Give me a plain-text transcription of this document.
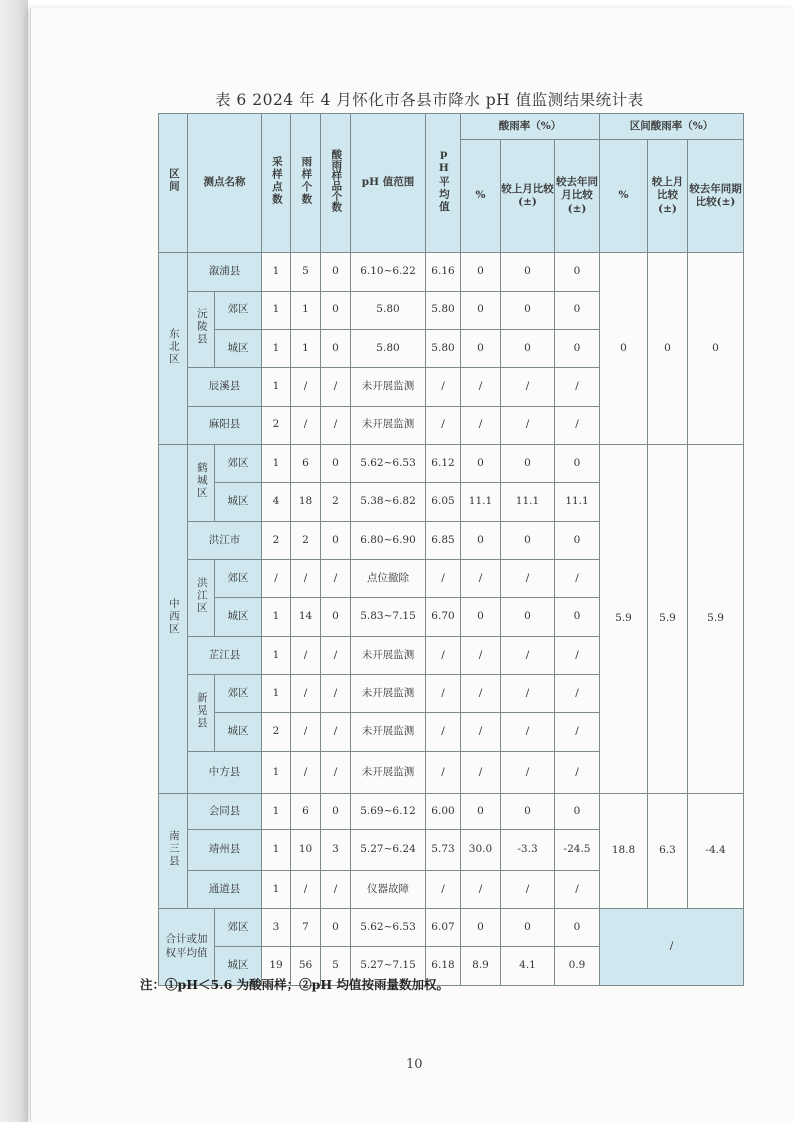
表 6 2024 年 4 月怀化市各县市降水 pH 值监测结果统计表
区间	测点名称		采样点数	雨样个数	酸雨样品个数	pH 值范围	pH平均值	酸雨率（%）			区间酸雨率（%）		
								%	较上月比较(±)	较去年同月比较(±)	%	较上月比较(±)	较去年同期比较(±)
东北区	溆浦县		1	5	0	6.10~6.22	6.16	0	0	0	0	0	0
	沅陵县	郊区	1	1	0	5.80	5.80	0	0	0			
		城区	1	1	0	5.80	5.80	0	0	0			
	辰溪县		1	/	/	未开展监测	/	/	/	/			
	麻阳县		2	/	/	未开展监测	/	/	/	/			
中西区	鹤城区	郊区	1	6	0	5.62~6.53	6.12	0	0	0	5.9	5.9	5.9
		城区	4	18	2	5.38~6.82	6.05	11.1	11.1	11.1			
	洪江市		2	2	0	6.80~6.90	6.85	0	0	0			
	洪江区	郊区	/	/	/	点位撤除	/	/	/	/			
		城区	1	14	0	5.83~7.15	6.70	0	0	0			
	芷江县		1	/	/	未开展监测	/	/	/	/			
	新晃县	郊区	1	/	/	未开展监测	/	/	/	/			
		城区	2	/	/	未开展监测	/	/	/	/			
	中方县		1	/	/	未开展监测	/	/	/	/			
南三县	会同县		1	6	0	5.69~6.12	6.00	0	0	0	18.8	6.3	-4.4
	靖州县		1	10	3	5.27~6.24	5.73	30.0	-3.3	-24.5			
	通道县		1	/	/	仪器故障	/	/	/	/			
合计或加权平均值		郊区	3	7	0	5.62~6.53	6.07	0	0	0	/		
		城区	19	56	5	5.27~7.15	6.18	8.9	4.1	0.9			
注：①pH＜5.6 为酸雨样；②pH 均值按雨量数加权。
10
